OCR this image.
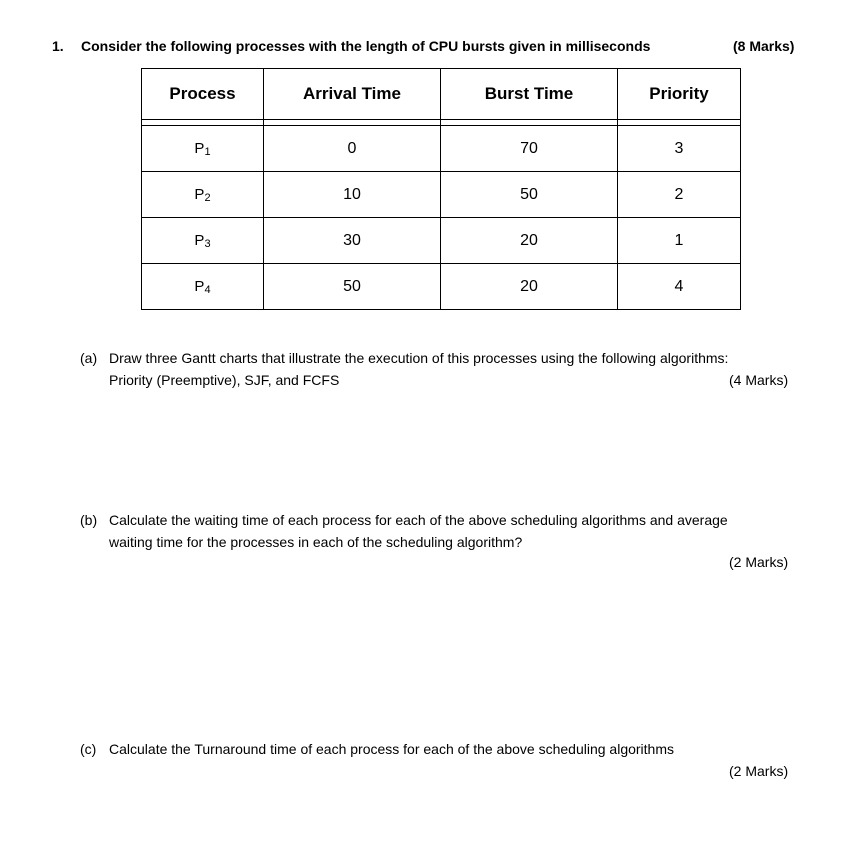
1. Consider the following processes with the length of CPU bursts given in milliseconds	(8 Marks)
Process	Arrival Time	Burst Time	Priority

P1	0	70	3
P2	10	50	2
P3	30	20	1
P4	50	20	4
(a) Draw three Gantt charts that illustrate the execution of this processes using the following algorithms:
Priority (Preemptive), SJF, and FCFS	(4 Marks)
(b) Calculate the waiting time of each process for each of the above scheduling algorithms and average
waiting time for the processes in each of the scheduling algorithm?
(2 Marks)
(c) Calculate the Turnaround time of each process for each of the above scheduling algorithms
(2 Marks)
